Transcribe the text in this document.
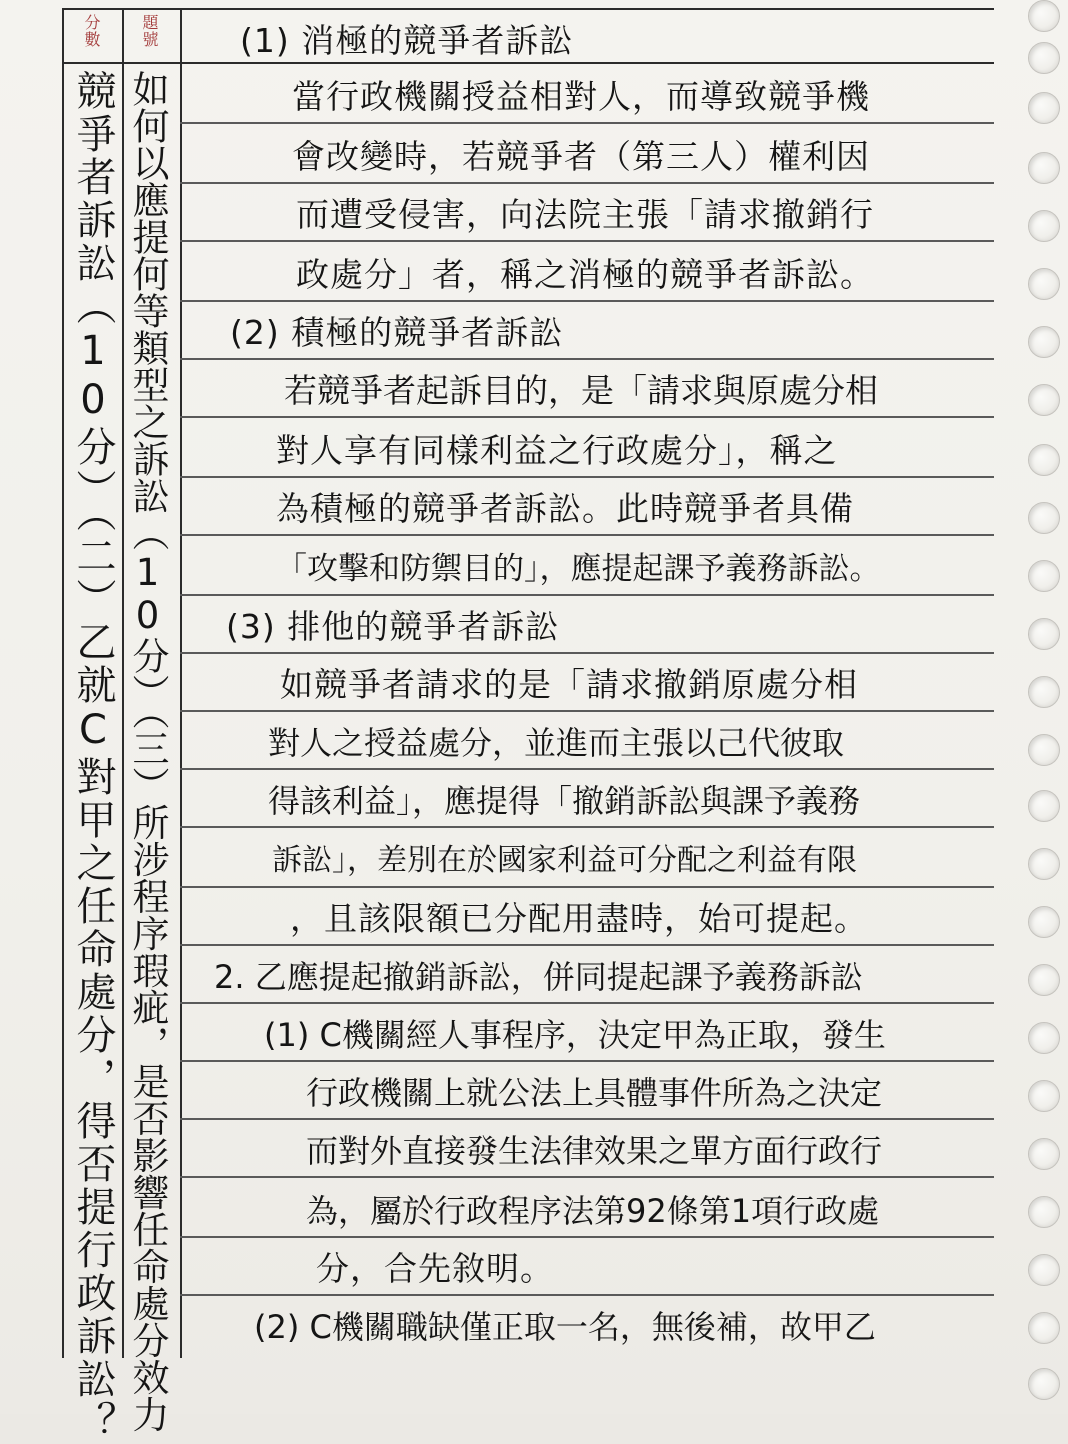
分數 題號
競爭者訴訟（10分）（二）乙就C對甲之任命處分，得否提行政訴訟？ 如何以應提何等類型之訴訟（10分）（三）所涉程序瑕疵，是否影響任命處分效力
(1) 消極的競爭者訴訟
當行政機關授益相對人，而導致競爭機
會改變時，若競爭者（第三人）權利因
而遭受侵害，向法院主張「請求撤銷行
政處分」者，稱之消極的競爭者訴訟。
(2) 積極的競爭者訴訟
若競爭者起訴目的，是「請求與原處分相
對人享有同樣利益之行政處分」，稱之
為積極的競爭者訴訟。此時競爭者具備
「攻擊和防禦目的」，應提起課予義務訴訟。
(3) 排他的競爭者訴訟
如競爭者請求的是「請求撤銷原處分相
對人之授益處分，並進而主張以己代彼取
得該利益」，應提得「撤銷訴訟與課予義務
訴訟」，差別在於國家利益可分配之利益有限
，且該限額已分配用盡時，始可提起。
2. 乙應提起撤銷訴訟，併同提起課予義務訴訟
(1) C機關經人事程序，決定甲為正取，發生
行政機關上就公法上具體事件所為之決定
而對外直接發生法律效果之單方面行政行
為，屬於行政程序法第92條第1項行政處
分，合先敘明。
(2) C機關職缺僅正取一名，無後補，故甲乙
